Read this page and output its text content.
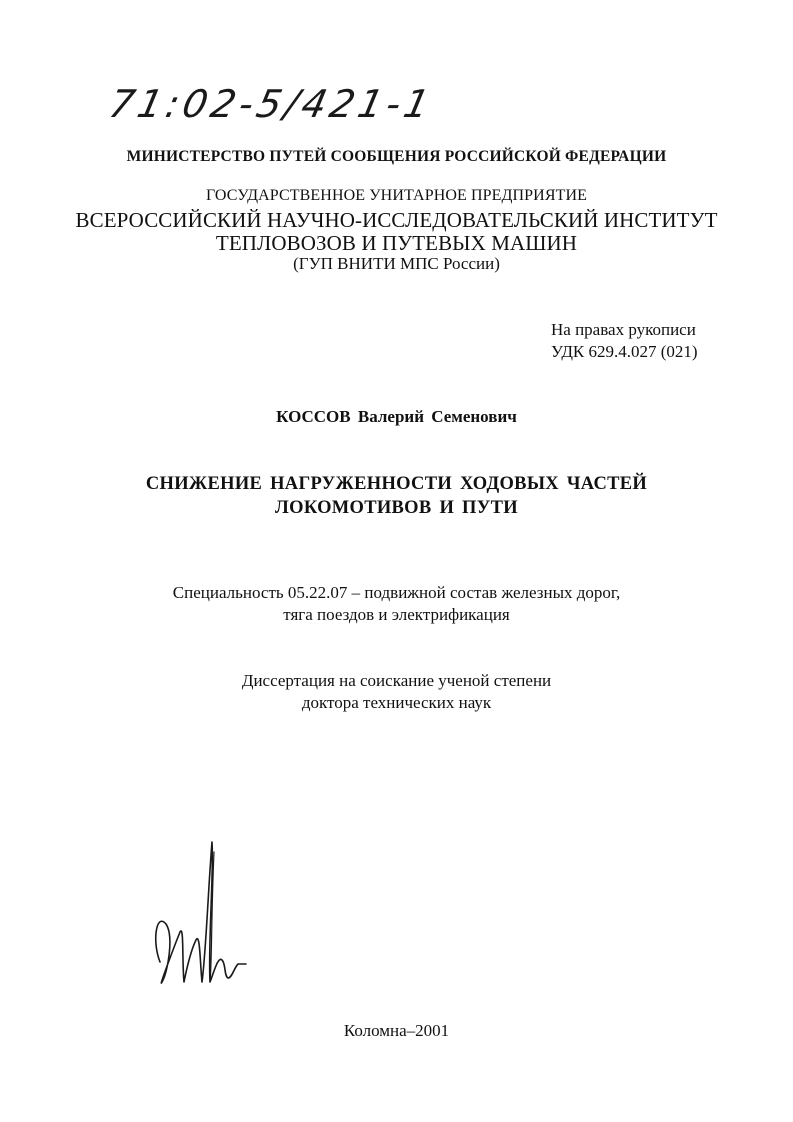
71:02-5/421-1
МИНИСТЕРСТВО ПУТЕЙ СООБЩЕНИЯ РОССИЙСКОЙ ФЕДЕРАЦИИ
ГОСУДАРСТВЕННОЕ УНИТАРНОЕ ПРЕДПРИЯТИЕ
ВСЕРОССИЙСКИЙ НАУЧНО-ИССЛЕДОВАТЕЛЬСКИЙ ИНСТИТУТ
ТЕПЛОВОЗОВ И ПУТЕВЫХ МАШИН
(ГУП ВНИТИ МПС России)
На правах рукописи
УДК 629.4.027 (021)
КОССОВ Валерий Семенович
СНИЖЕНИЕ НАГРУЖЕННОСТИ ХОДОВЫХ ЧАСТЕЙ
ЛОКОМОТИВОВ И ПУТИ
Специальность 05.22.07 – подвижной состав железных дорог,
тяга поездов и электрификация
Диссертация на соискание ученой степени
доктора технических наук
Коломна–2001
